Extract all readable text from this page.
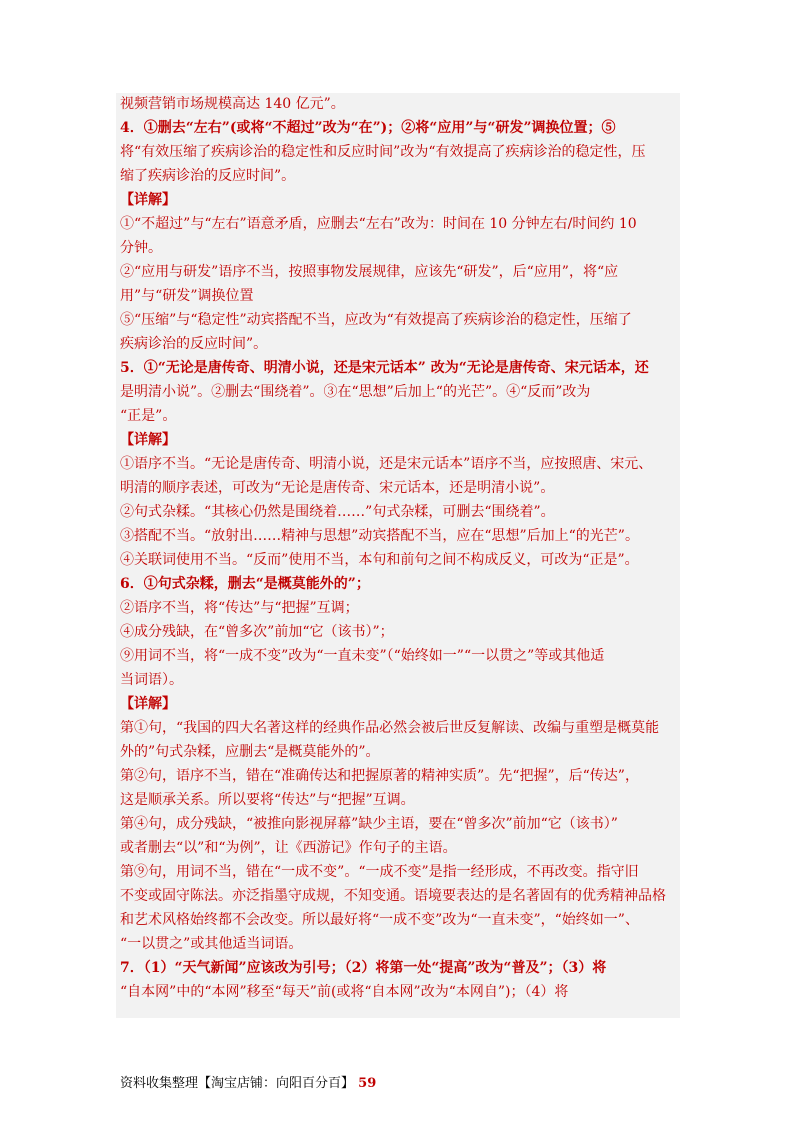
视频营销市场规模高达 140 亿元”。
4．①删去“左右”(或将“不超过”改为“在”)；②将“应用”与“研发”调换位置；⑤
将“有效压缩了疾病诊治的稳定性和反应时间”改为“有效提高了疾病诊治的稳定性，压
缩了疾病诊治的反应时间”。
【详解】
①“不超过”与“左右”语意矛盾，应删去“左右”改为：时间在 10 分钟左右/时间约 10
分钟。
②“应用与研发”语序不当，按照事物发展规律，应该先“研发”，后“应用”，将“应
用”与“研发”调换位置
⑤“压缩”与“稳定性”动宾搭配不当，应改为“有效提高了疾病诊治的稳定性，压缩了
疾病诊治的反应时间”。
5．①“无论是唐传奇、明清小说，还是宋元话本” 改为“无论是唐传奇、宋元话本，还
是明清小说”。②删去“围绕着”。③在“思想”后加上“的光芒”。④“反而”改为
“正是”。
【详解】
①语序不当。“无论是唐传奇、明清小说，还是宋元话本”语序不当，应按照唐、宋元、
明清的顺序表述，可改为“无论是唐传奇、宋元话本，还是明清小说”。
②句式杂糅。“其核心仍然是围绕着……”句式杂糅，可删去“围绕着”。
③搭配不当。“放射出……精神与思想”动宾搭配不当，应在“思想”后加上“的光芒”。
④关联词使用不当。“反而”使用不当，本句和前句之间不构成反义，可改为“正是”。
6．①句式杂糅，删去“是概莫能外的”；
②语序不当，将“传达”与“把握”互调；
④成分残缺，在“曾多次”前加“它（该书）”；
⑨用词不当，将“一成不变”改为“一直未变”（“始终如一”“一以贯之”等或其他适
当词语）。
【详解】
第①句，“我国的四大名著这样的经典作品必然会被后世反复解读、改编与重塑是概莫能
外的”句式杂糅，应删去“是概莫能外的”。
第②句，语序不当，错在“准确传达和把握原著的精神实质”。先“把握”，后“传达”，
这是顺承关系。所以要将“传达”与“把握”互调。
第④句，成分残缺，“被推向影视屏幕”缺少主语，要在“曾多次”前加“它（该书）”
或者删去“以”和“为例”，让《西游记》作句子的主语。
第⑨句，用词不当，错在“一成不变”。“一成不变”是指一经形成，不再改变。指守旧
不变或固守陈法。亦泛指墨守成规，不知变通。语境要表达的是名著固有的优秀精神品格
和艺术风格始终都不会改变。所以最好将“一成不变”改为“一直未变”，“始终如一”、
“一以贯之”或其他适当词语。
7．（1）“天气新闻”应该改为引号；（2）将第一处“提高”改为“普及”；（3）将
“自本网”中的“本网”移至“每天”前(或将“自本网”改为“本网自”)；（4）将
资料收集整理【淘宝店铺：向阳百分百】 59
